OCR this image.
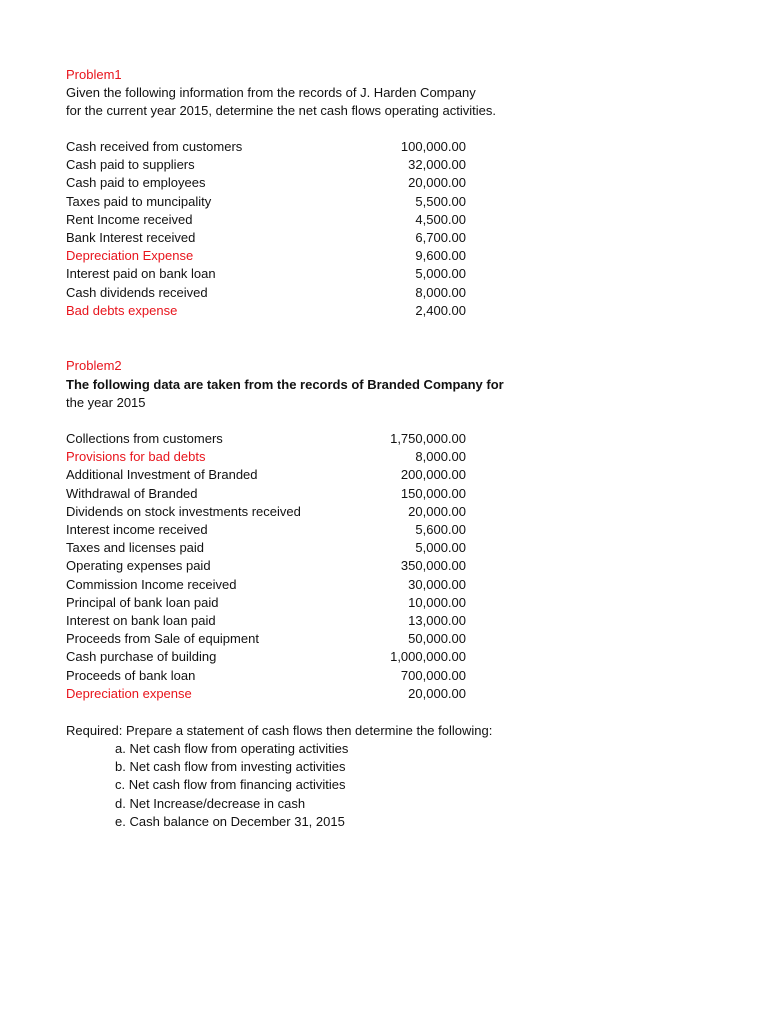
Problem1
Given the following information from the records of J. Harden Company
for the current year 2015, determine the net cash flows operating activities.
Cash received from customers	100,000.00
Cash paid to suppliers	32,000.00
Cash paid to employees	20,000.00
Taxes paid to muncipality	5,500.00
Rent Income received	4,500.00
Bank Interest received	6,700.00
Depreciation Expense	9,600.00
Interest paid on bank loan	5,000.00
Cash dividends received	8,000.00
Bad debts expense	2,400.00
Problem2
The following data are taken from the records of Branded Company for
the year 2015
Collections from customers	1,750,000.00
Provisions for bad debts	8,000.00
Additional Investment of Branded	200,000.00
Withdrawal of Branded	150,000.00
Dividends on stock investments received	20,000.00
Interest income received	5,600.00
Taxes and licenses paid	5,000.00
Operating expenses paid	350,000.00
Commission Income received	30,000.00
Principal of bank loan paid	10,000.00
Interest on bank loan paid	13,000.00
Proceeds from Sale of equipment	50,000.00
Cash purchase of building	1,000,000.00
Proceeds of bank loan	700,000.00
Depreciation expense	20,000.00
Required: Prepare a statement of cash flows then determine the following:
a. Net cash flow from operating activities
b. Net cash flow from investing activities
c. Net cash flow from financing activities
d. Net Increase/decrease in cash
e. Cash balance on December 31, 2015
